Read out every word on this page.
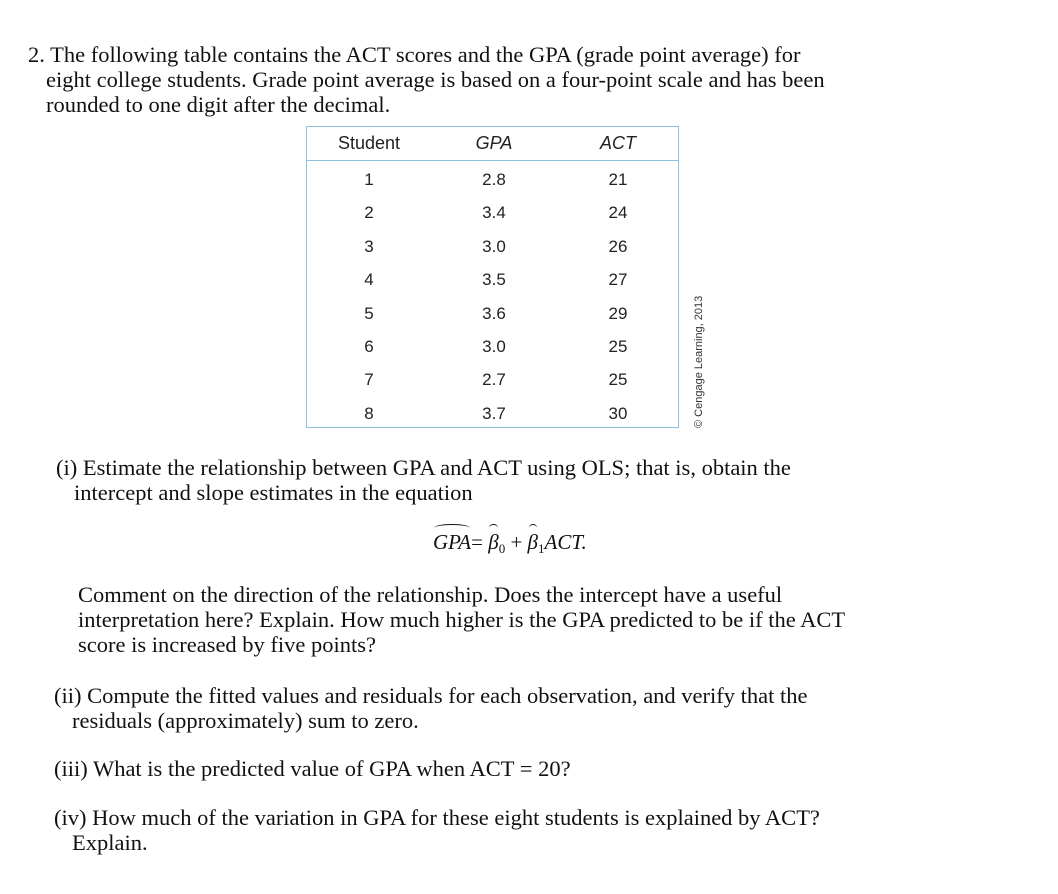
2. The following table contains the ACT scores and the GPA (grade point average) for
eight college students. Grade point average is based on a four-point scale and has been
rounded to one digit after the decimal.
Student	GPA	ACT
1	2.8	21
2	3.4	24
3	3.0	26
4	3.5	27
5	3.6	29
6	3.0	25
7	2.7	25
8	3.7	30	© Cengage Learning, 2013
(i) Estimate the relationship between GPA and ACT using OLS; that is, obtain the
intercept and slope estimates in the equation
$GPA= \beta_0 + \beta_1ACT$.
Comment on the direction of the relationship. Does the intercept have a useful
interpretation here? Explain. How much higher is the GPA predicted to be if the ACT
score is increased by five points?
(ii) Compute the fitted values and residuals for each observation, and verify that the
residuals (approximately) sum to zero.
(iii) What is the predicted value of GPA when ACT = 20?
(iv) How much of the variation in GPA for these eight students is explained by ACT?
Explain.
